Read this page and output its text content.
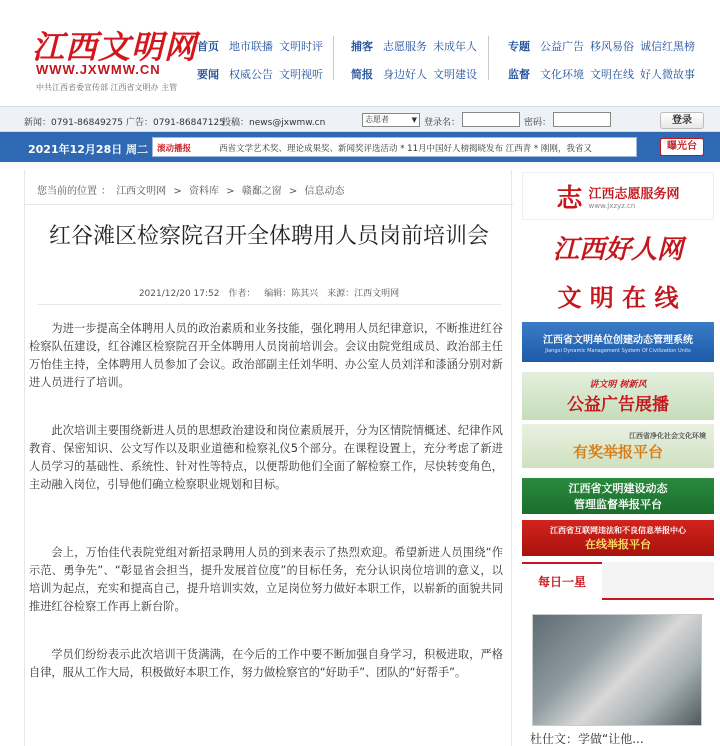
江西文明网
WWW.JXWMW.CN
中共江西省委宣传部 江西省文明办 主管
首页 地市联播 文明时评
要闻 权威公告 文明视听
捕客 志愿服务 未成年人
简报 身边好人 文明建设
专题 公益广告 移风易俗 诚信红黑榜
监督 文化环境 文明在线 好人微故事
新闻：0791-86849275 广告：0791-86847125
投稿：news@jxwmw.cn	志愿者	▼ 登录名：	密码：	登录
2021年12月28日 周二 滚动播报	西省文学艺术奖、理论成果奖、新闻奖评选活动 * 11月中国好人榜揭晓发布 江西青 * 刚刚，我省又	曝光台
您当前的位置 ： 江西文明网 > 资料库 > 赣鄱之窗 > 信息动态
红谷滩区检察院召开全体聘用人员岗前培训会
2021/12/20 17:52 作者： 编辑：陈其兴 来源：江西文明网

为进一步提高全体聘用人员的政治素质和业务技能，强化聘用人员纪律意识，不断推进红谷检察队伍建设，红谷滩区检察院召开全体聘用人员岗前培训会。会议由院党组成员、政治部主任万怡佳主持，全体聘用人员参加了会议。政治部副主任刘华明、办公室人员刘洋和漆涵分别对新进人员进行了培训。

此次培训主要围绕新进人员的思想政治建设和岗位素质展开，分为区情院情概述、纪律作风教育、保密知识、公文写作以及职业道德和检察礼仪5个部分。在课程设置上，充分考虑了新进人员学习的基础性、系统性、针对性等特点，以便帮助他们全面了解检察工作，尽快转变角色，主动融入岗位，引导他们确立检察职业规划和目标。

会上，万怡佳代表院党组对新招录聘用人员的到来表示了热烈欢迎。希望新进人员围绕“作示范、勇争先”、“彰显省会担当，提升发展首位度”的目标任务，充分认识岗位培训的意义，以培训为起点，充实和提高自己，提升培训实效，立足岗位努力做好本职工作，以崭新的面貌共同推进红谷检察工作再上新台阶。

学员们纷纷表示此次培训干货满满，在今后的工作中要不断加强自身学习，积极进取，严格自律，服从工作大局，积极做好本职工作，努力做检察官的“好助手”、团队的“好帮手”。

志 江西志愿服务网
www.jxzyz.cn
江西好人网
文 明 在 线
江西省文明单位创建动态管理系统
Jiangxi Dynamic Management System Of Civilization Units
讲文明 树新风
公益广告展播
江西省净化社会文化环境
有奖举报平台
江西省文明建设动态
管理监督举报平台
江西省互联网违法和不良信息举报中心
在线举报平台
每日一星
杜仕文：学做“让他...
